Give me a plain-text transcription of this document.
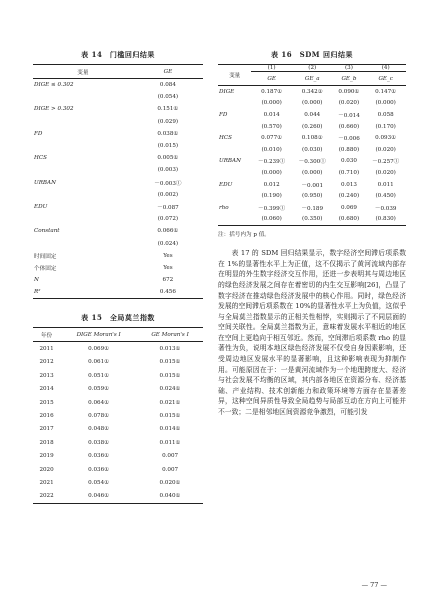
表 14　门槛回归结果
变量	GE
DIGE ≤ 0.302	0.084
	(0.054)
DIGE > 0.302	0.151①
	(0.029)
FD	0.038①
	(0.015)
HCS	0.005①
	(0.003)
URBAN	－0.003①
	(0.002)
EDU	－0.087
	(0.072)
Constant	0.066①
	(0.024)
时间固定	Yes
个体固定	Yes
N	672
R²	0.456
表 15　全局莫兰指数
年份	DIGE Moran's I	GE Moran's I
2011	0.069①	0.013①
2012	0.061①	0.015①
2013	0.051①	0.015①
2014	0.059①	0.024①
2015	0.064①	0.021①
2016	0.078①	0.015①
2017	0.048①	0.014①
2018	0.038①	0.011①
2019	0.036①	0.007
2020	0.036①	0.007
2021	0.054①	0.020①
2022	0.046①	0.040①
表 16　SDM 回归结果
变量	(1)	(2)	(3)	(4)
	GE	GE_a	GE_b	GE_c
DIGE	0.187①	0.342①	0.090①	0.147①
	(0.000)	(0.000)	(0.020)	(0.000)
FD	0.014	0.044	－0.014	0.058
	(0.570)	(0.260)	(0.660)	(0.170)
HCS	0.077①	0.108①	－0.006	0.093①
	(0.010)	(0.030)	(0.880)	(0.020)
URBAN	－0.239①	－0.300①	0.030	－0.257①
	(0.000)	(0.000)	(0.710)	(0.020)
EDU	0.012	－0.001	0.013	0.011
	(0.190)	(0.950)	(0.240)	(0.450)
rho	－0.399①	－0.189	0.069	－0.039
	(0.060)	(0.350)	(0.680)	(0.830)
注：括号内为 p 值。
表 17 的 SDM 回归结果显示，数字经济空间滞后项系数在 1%的显著性水平上为正值，这不仅揭示了黄河流域内部存在明显的外生数字经济交互作用，还进一步表明其与周边地区的绿色经济发展之间存在着密切的内生交互影响[26]，凸显了数字经济在推动绿色经济发展中的核心作用。同时，绿色经济发展的空间滞后项系数在 10%的显著性水平上为负值，这似乎与全局莫兰指数显示的正相关性相悖，实则揭示了不同层面的空间关联性。全局莫兰指数为正，意味着发展水平相近的地区在空间上更趋向于相互邻近。然而，空间滞后项系数 rho 的显著性为负，说明本地区绿色经济发展不仅受自身因素影响，还受周边地区发展水平的显著影响，且这种影响表现为抑制作用。可能原因在于：一是黄河流域作为一个地理跨度大、经济与社会发展不均衡的区域，其内部各地区在资源分布、经济基础、产业结构、技术创新能力和政策环境等方面存在显著差异，这种空间异质性导致全局趋势与局部互动在方向上可能并不一致；二是相邻地区间资源竞争激烈，可能引发
— 77 —
